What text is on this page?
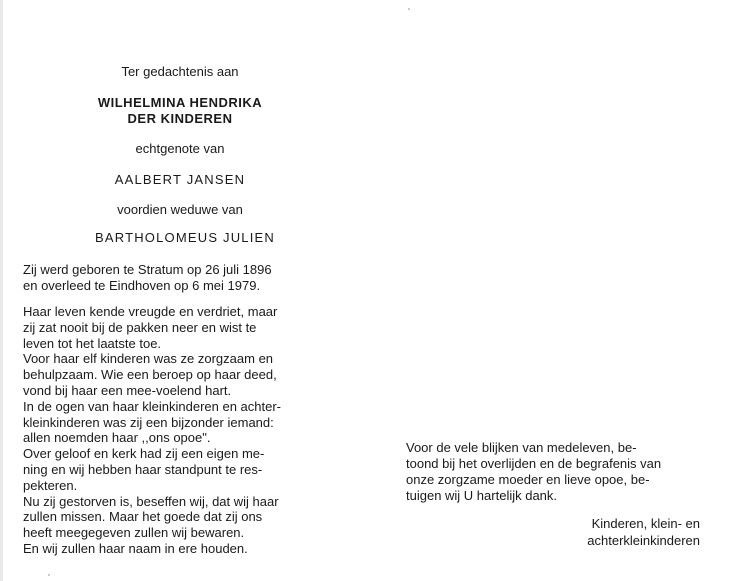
Ter gedachtenis aan
WILHELMINA HENDRIKA
DER KINDEREN
echtgenote van
AALBERT JANSEN
voordien weduwe van
BARTHOLOMEUS JULIEN
Zij werd geboren te Stratum op 26 juli 1896
en overleed te Eindhoven op 6 mei 1979.
Haar leven kende vreugde en verdriet, maar
zij zat nooit bij de pakken neer en wist te
leven tot het laatste toe.
Voor haar elf kinderen was ze zorgzaam en
behulpzaam. Wie een beroep op haar deed,
vond bij haar een mee-voelend hart.
In de ogen van haar kleinkinderen en achter-
kleinkinderen was zij een bijzonder iemand:
allen noemden haar ,,ons opoe".
Over geloof en kerk had zij een eigen me-
ning en wij hebben haar standpunt te res-
pekteren.
Nu zij gestorven is, beseffen wij, dat wij haar
zullen missen. Maar het goede dat zij ons
heeft meegegeven zullen wij bewaren.
En wij zullen haar naam in ere houden.
Voor de vele blijken van medeleven, be-
toond bij het overlijden en de begrafenis van
onze zorgzame moeder en lieve opoe, be-
tuigen wij U hartelijk dank.
Kinderen, klein- en
achterkleinkinderen
